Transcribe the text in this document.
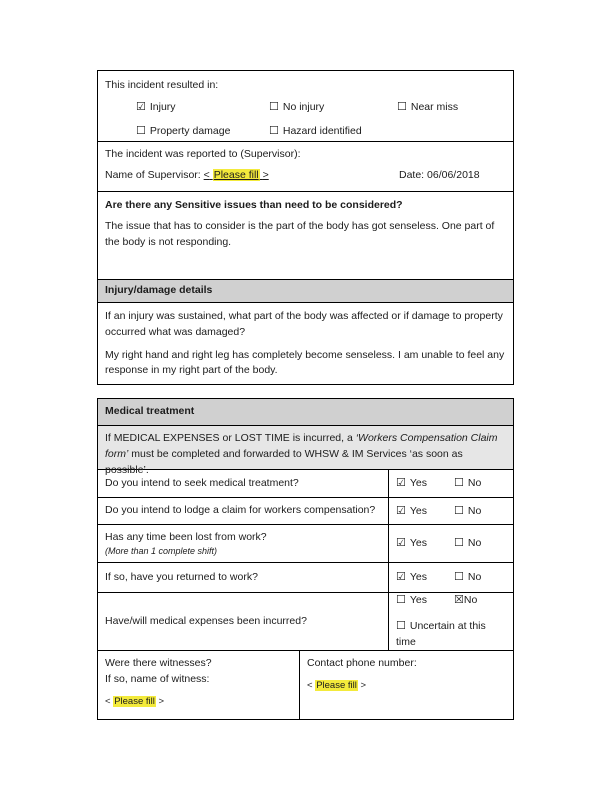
This incident resulted in:
☑ Injury	☐ No injury	☐ Near miss
☐ Property damage	☐ Hazard identified
The incident was reported to (Supervisor):
Name of Supervisor: < Please fill >	Date: 06/06/2018
Are there any Sensitive issues than need to be considered?

The issue that has to consider is the part of the body has got senseless. One part of the body is not responding.

Injury/damage details

If an injury was sustained, what part of the body was affected or if damage to property occurred what was damaged?

My right hand and right leg has completely become senseless. I am unable to feel any response in my right part of the body.

Medical treatment
If MEDICAL EXPENSES or LOST TIME is incurred, a ‘Workers Compensation Claim form’ must be completed and forwarded to WHSW & IM Services ‘as soon as possible’.
Do you intend to seek medical treatment?	☑ Yes	☐ No
Do you intend to lodge a claim for workers compensation?	☑ Yes	☐ No
Has any time been lost from work?
(More than 1 complete shift)
☑ Yes	☐ No
If so, have you returned to work?	☑ Yes	☐ No
Have/will medical expenses been incurred?
☐ Yes	☒No
☐ Uncertain at this time
Were there witnesses?
If so, name of witness:
< Please fill >
Contact phone number:
< Please fill >
